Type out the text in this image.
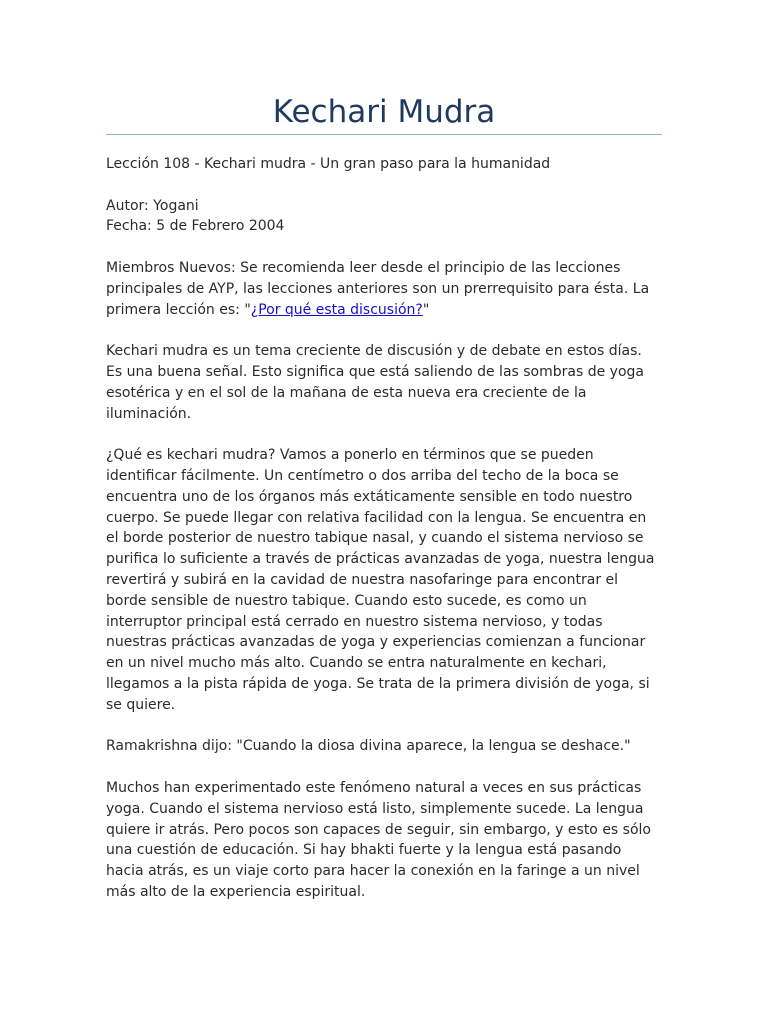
Kechari Mudra

Lección 108 - Kechari mudra - Un gran paso para la humanidad

Autor: Yogani
Fecha: 5 de Febrero 2004

Miembros Nuevos: Se recomienda leer desde el principio de las lecciones principales de AYP, las lecciones anteriores son un prerrequisito para ésta. La primera lección es: "¿Por qué esta discusión?"

Kechari mudra es un tema creciente de discusión y de debate en estos días. Es una buena señal. Esto significa que está saliendo de las sombras de yoga esotérica y en el sol de la mañana de esta nueva era creciente de la iluminación.

¿Qué es kechari mudra? Vamos a ponerlo en términos que se pueden identificar fácilmente. Un centímetro o dos arriba del techo de la boca se encuentra uno de los órganos más extáticamente sensible en todo nuestro cuerpo. Se puede llegar con relativa facilidad con la lengua. Se encuentra en el borde posterior de nuestro tabique nasal, y cuando el sistema nervioso se purifica lo suficiente a través de prácticas avanzadas de yoga, nuestra lengua revertirá y subirá en la cavidad de nuestra nasofaringe para encontrar el borde sensible de nuestro tabique. Cuando esto sucede, es como un interruptor principal está cerrado en nuestro sistema nervioso, y todas nuestras prácticas avanzadas de yoga y experiencias comienzan a funcionar en un nivel mucho más alto. Cuando se entra naturalmente en kechari, llegamos a la pista rápida de yoga. Se trata de la primera división de yoga, si se quiere.

Ramakrishna dijo: "Cuando la diosa divina aparece, la lengua se deshace."

Muchos han experimentado este fenómeno natural a veces en sus prácticas yoga. Cuando el sistema nervioso está listo, simplemente sucede. La lengua quiere ir atrás. Pero pocos son capaces de seguir, sin embargo, y esto es sólo una cuestión de educación. Si hay bhakti fuerte y la lengua está pasando hacia atrás, es un viaje corto para hacer la conexión en la faringe a un nivel más alto de la experiencia espiritual.
